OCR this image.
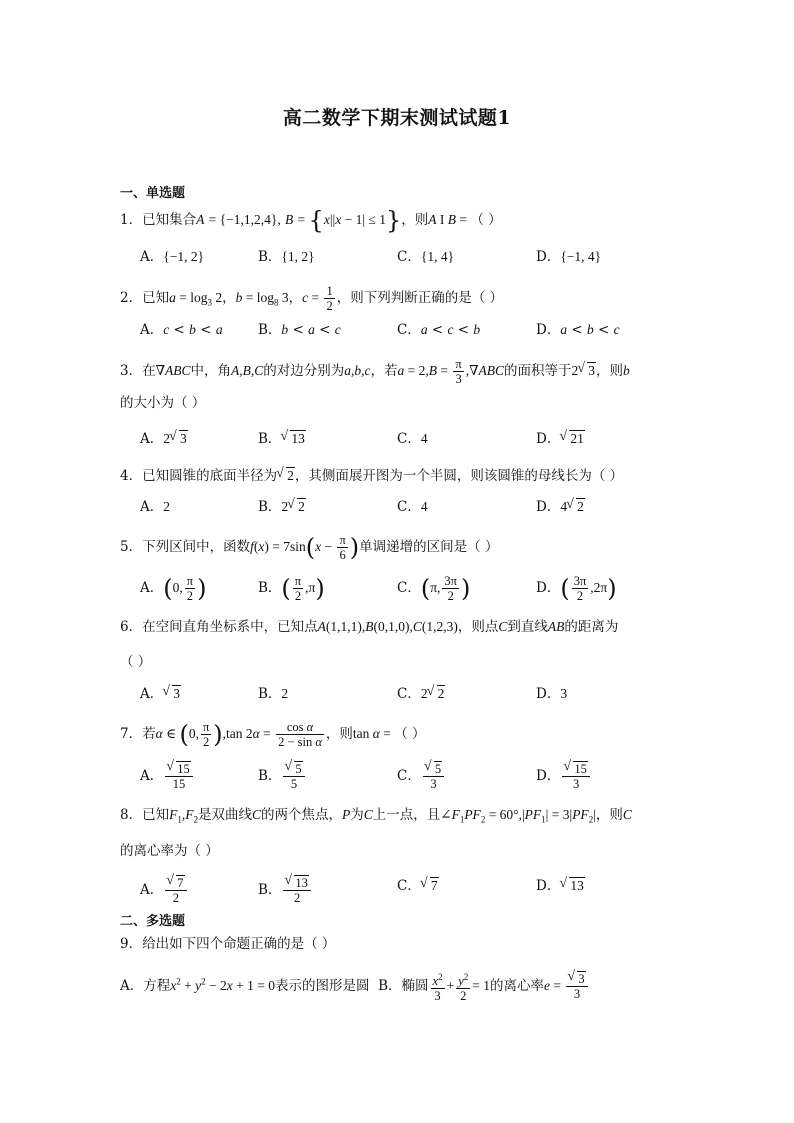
高二数学下期末测试试题1
一、单选题
1．已知集合A = {−1,1,2,4}, B = {x||x − 1| ≤ 1}，则A I B = （ ）
A．{−1, 2}	B．{1, 2}	C．{1, 4}	D．{−1, 4}
2．已知$a = \log_3 2$，$b = \log_8 3$，$c = \frac{1}{2}$ ，则下列判断正确的是（ ）
A．c < b < a	B．b < a < c	C．a < c < b	D．a < b < c
3．在∇ABC中，角A,B,C的对边分别为a,b,c，若$a = 2,B = \frac{\pi}{3} ,\nabla ABC$的面积等于2 √ 3，则b
的大小为（ ）
A．2 √ 3	B． √ 13	C．4	D． √ 21
4．已知圆锥的底面半径为 √ 2，其侧面展开图为一个半圆，则该圆锥的母线长为（ ）
A．2	B．2 √ 2	C．4	D．4 √ 2
5．下列区间中，函数$f(x) = 7\sin(x - \frac{\pi}{6}$ )单调递增的区间是（ ）
A．(0, $\frac{\pi}{2}$ )	B．( $\frac{\pi}{2} ,\pi$)	C．(π, $\frac{3\pi}{2}$ )	D．( $\frac{3\pi}{2} ,2\pi$)
6．在空间直角坐标系中，已知点A(1,1,1),B(0,1,0),C(1,2,3)，则点C到直线AB的距离为
（ ）
A． √ 3	B．2	C．2 √ 2	D．3
7．若α ∈ (0, $\frac{\pi}{2} ),\tan$ $2\alpha = \frac{\text{cos α}}{\text{2 − sin α}}$ ，则tan α = （ ）
A． √ $\frac{15}{15}$	B． √ $\frac{5}{5}$	C． √ $\frac{5}{3}$	D． √ $\frac{15}{3}$
8．已知$F_1,F_2$是双曲线C的两个焦点，P为C上一点，且$\angle F_1PF_2 = 60^\circ,|PF_1| = 3|PF_2|$，则C
的离心率为（ ）
A． √ $\frac{7}{2}$	B． √ $\frac{13}{2}$	C． √ 7	D． √ 13
二、多选题
9．给出如下四个命题正确的是（ ）
A．方程$x^2 + y^2 - 2x + 1 = 0$表示的图形是圆 B．椭圆 $\frac{x^2}{3} + \frac{y^2}{2} = 1$的离心率e = √ $\frac{3}{3}$
